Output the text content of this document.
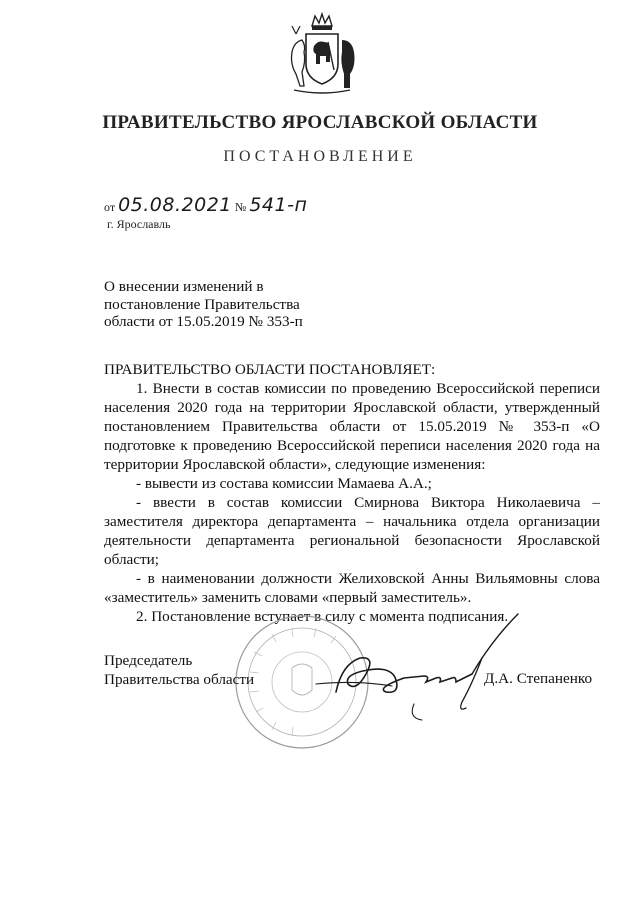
ПРАВИТЕЛЬСТВО ЯРОСЛАВСКОЙ ОБЛАСТИ
ПОСТАНОВЛЕНИЕ
от 05.08.2021 № 541-п
г. Ярославль
О внесении изменений в
постановление Правительства
области от 15.05.2019 № 353-п

ПРАВИТЕЛЬСТВО ОБЛАСТИ ПОСТАНОВЛЯЕТ:

1. Внести в состав комиссии по проведению Всероссийской переписи населения 2020 года на территории Ярославской области, утвержденный постановлением Правительства области от 15.05.2019 № 353-п «О подготовке к проведению Всероссийской переписи населения 2020 года на территории Ярославской области», следующие изменения:

- вывести из состава комиссии Мамаева А.А.;

- ввести в состав комиссии Смирнова Виктора Николаевича – заместителя директора департамента – начальника отдела организации деятельности департамента региональной безопасности Ярославской области;

- в наименовании должности Желиховской Анны Вильямовны слова «заместитель» заменить словами «первый заместитель».

2. Постановление вступает в силу с момента подписания.

Председатель
Правительства области	Д.А. Степаненко
